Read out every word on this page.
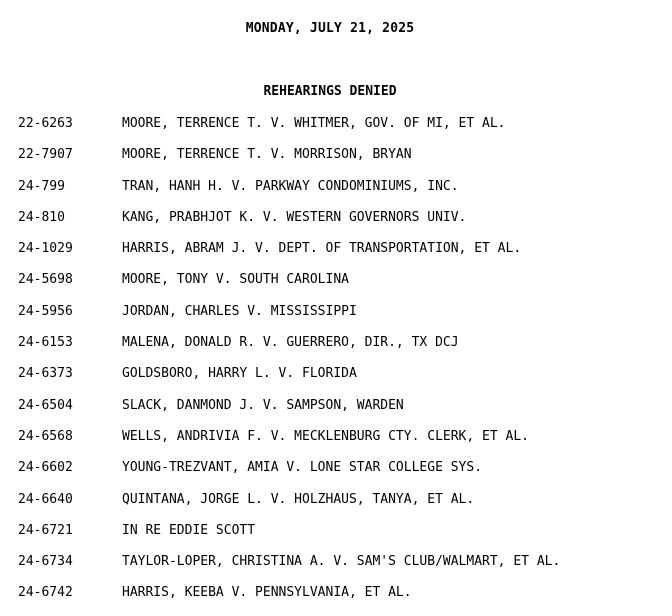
MONDAY, JULY 21, 2025
REHEARINGS DENIED
22-6263	MOORE, TERRENCE T. V. WHITMER, GOV. OF MI, ET AL.
22-7907	MOORE, TERRENCE T. V. MORRISON, BRYAN
24-799	TRAN, HANH H. V. PARKWAY CONDOMINIUMS, INC.
24-810	KANG, PRABHJOT K. V. WESTERN GOVERNORS UNIV.
24-1029	HARRIS, ABRAM J. V. DEPT. OF TRANSPORTATION, ET AL.
24-5698	MOORE, TONY V. SOUTH CAROLINA
24-5956	JORDAN, CHARLES V. MISSISSIPPI
24-6153	MALENA, DONALD R. V. GUERRERO, DIR., TX DCJ
24-6373	GOLDSBORO, HARRY L. V. FLORIDA
24-6504	SLACK, DANMOND J. V. SAMPSON, WARDEN
24-6568	WELLS, ANDRIVIA F. V. MECKLENBURG CTY. CLERK, ET AL.
24-6602	YOUNG-TREZVANT, AMIA V. LONE STAR COLLEGE SYS.
24-6640	QUINTANA, JORGE L. V. HOLZHAUS, TANYA, ET AL.
24-6721	IN RE EDDIE SCOTT
24-6734	TAYLOR-LOPER, CHRISTINA A. V. SAM'S CLUB/WALMART, ET AL.
24-6742	HARRIS, KEEBA V. PENNSYLVANIA, ET AL.
